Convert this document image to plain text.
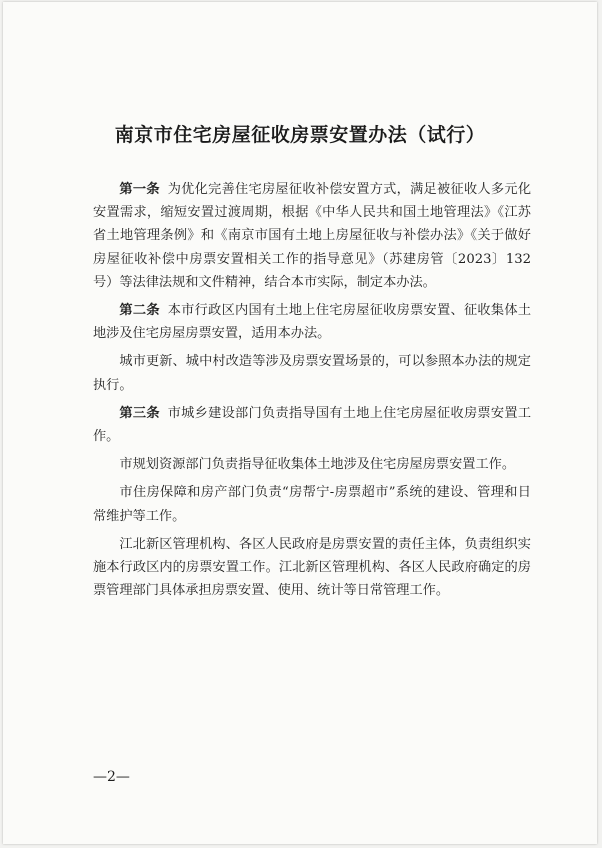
南京市住宅房屋征收房票安置办法（试行）

第一条 为优化完善住宅房屋征收补偿安置方式，满足被征收人多元化安置需求，缩短安置过渡周期，根据《中华人民共和国土地管理法》《江苏省土地管理条例》和《南京市国有土地上房屋征收与补偿办法》《关于做好房屋征收补偿中房票安置相关工作的指导意见》（苏建房管〔2023〕132号）等法律法规和文件精神，结合本市实际，制定本办法。

第二条 本市行政区内国有土地上住宅房屋征收房票安置、征收集体土地涉及住宅房屋房票安置，适用本办法。

城市更新、城中村改造等涉及房票安置场景的，可以参照本办法的规定执行。

第三条 市城乡建设部门负责指导国有土地上住宅房屋征收房票安置工作。

市规划资源部门负责指导征收集体土地涉及住宅房屋房票安置工作。

市住房保障和房产部门负责“房帮宁-房票超市”系统的建设、管理和日常维护等工作。

江北新区管理机构、各区人民政府是房票安置的责任主体，负责组织实施本行政区内的房票安置工作。江北新区管理机构、各区人民政府确定的房票管理部门具体承担房票安置、使用、统计等日常管理工作。

—2—
